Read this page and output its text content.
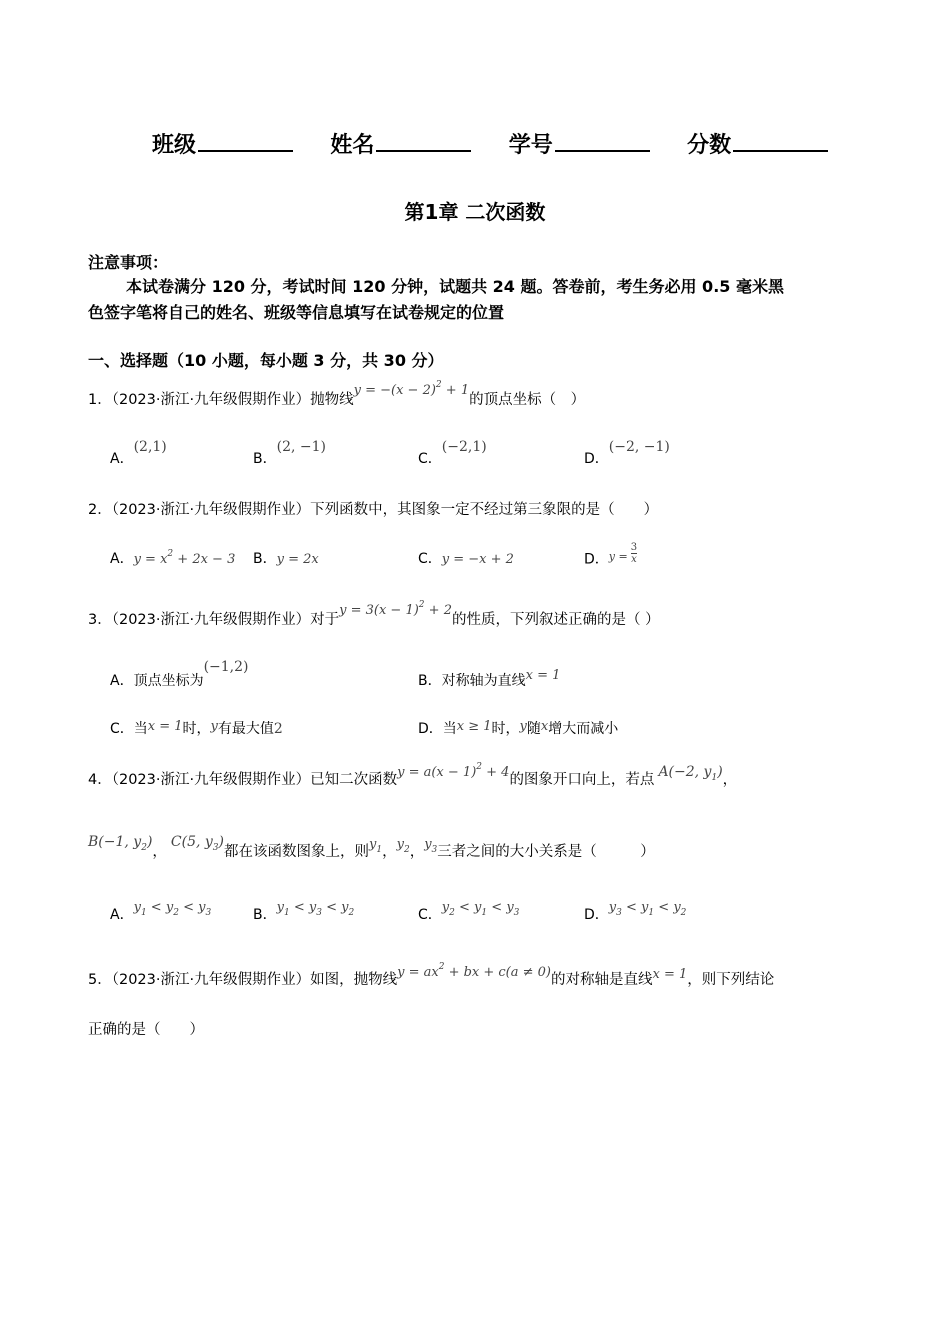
班级	姓名	学号	分数
第1章 二次函数
注意事项：
本试卷满分 120 分，考试时间 120 分钟，试题共 24 题。答卷前，考生务必用 0.5 毫米黑
色签字笔将自己的姓名、班级等信息填写在试卷规定的位置
一、选择题（10 小题，每小题 3 分，共 30 分）
1．（2023·浙江·九年级假期作业）抛物线$y = -(x - 2)^2 + 1$的顶点坐标（　）
A．(2,1)
B．(2, −1)
C．(−2,1)
D．(−2, −1)
2．（2023·浙江·九年级假期作业）下列函数中，其图象一定不经过第三象限的是（　　）
A．$y = x^2 + 2x - 3$ B．y = 2x	C．y = −x + 2	D．$^{y =} \frac{3}{x}$
3．（2023·浙江·九年级假期作业）对于$y = 3(x - 1)^2 + 2$的性质，下列叙述正确的是（ ）
A．顶点坐标为(−1,2)
B．对称轴为直线x = 1
C．当x = 1时，y有最大值2	D．当x ≥ 1时，y随x增大而减小
4．（2023·浙江·九年级假期作业）已知二次函数$y = a(x - 1)^2 + 4$的图象开口向上，若点 A(−2, $y_1$)，
B(−1, $y_2$)，C(5, $y_3$)都在该函数图象上，则$y_1$，$y_2$，$y_3$三者之间的大小关系是（　　　）
A．$y_1 < y_2 < y_3$	B．$y_1 < y_3 < y_2$	C．$y_2 < y_1 < y_3$	D．$y_3 < y_1 < y_2$
5．（2023·浙江·九年级假期作业）如图，抛物线$y = ax^2$ + bx + c(a ≠ 0)的对称轴是直线x = 1，则下列结论
正确的是（　　）
